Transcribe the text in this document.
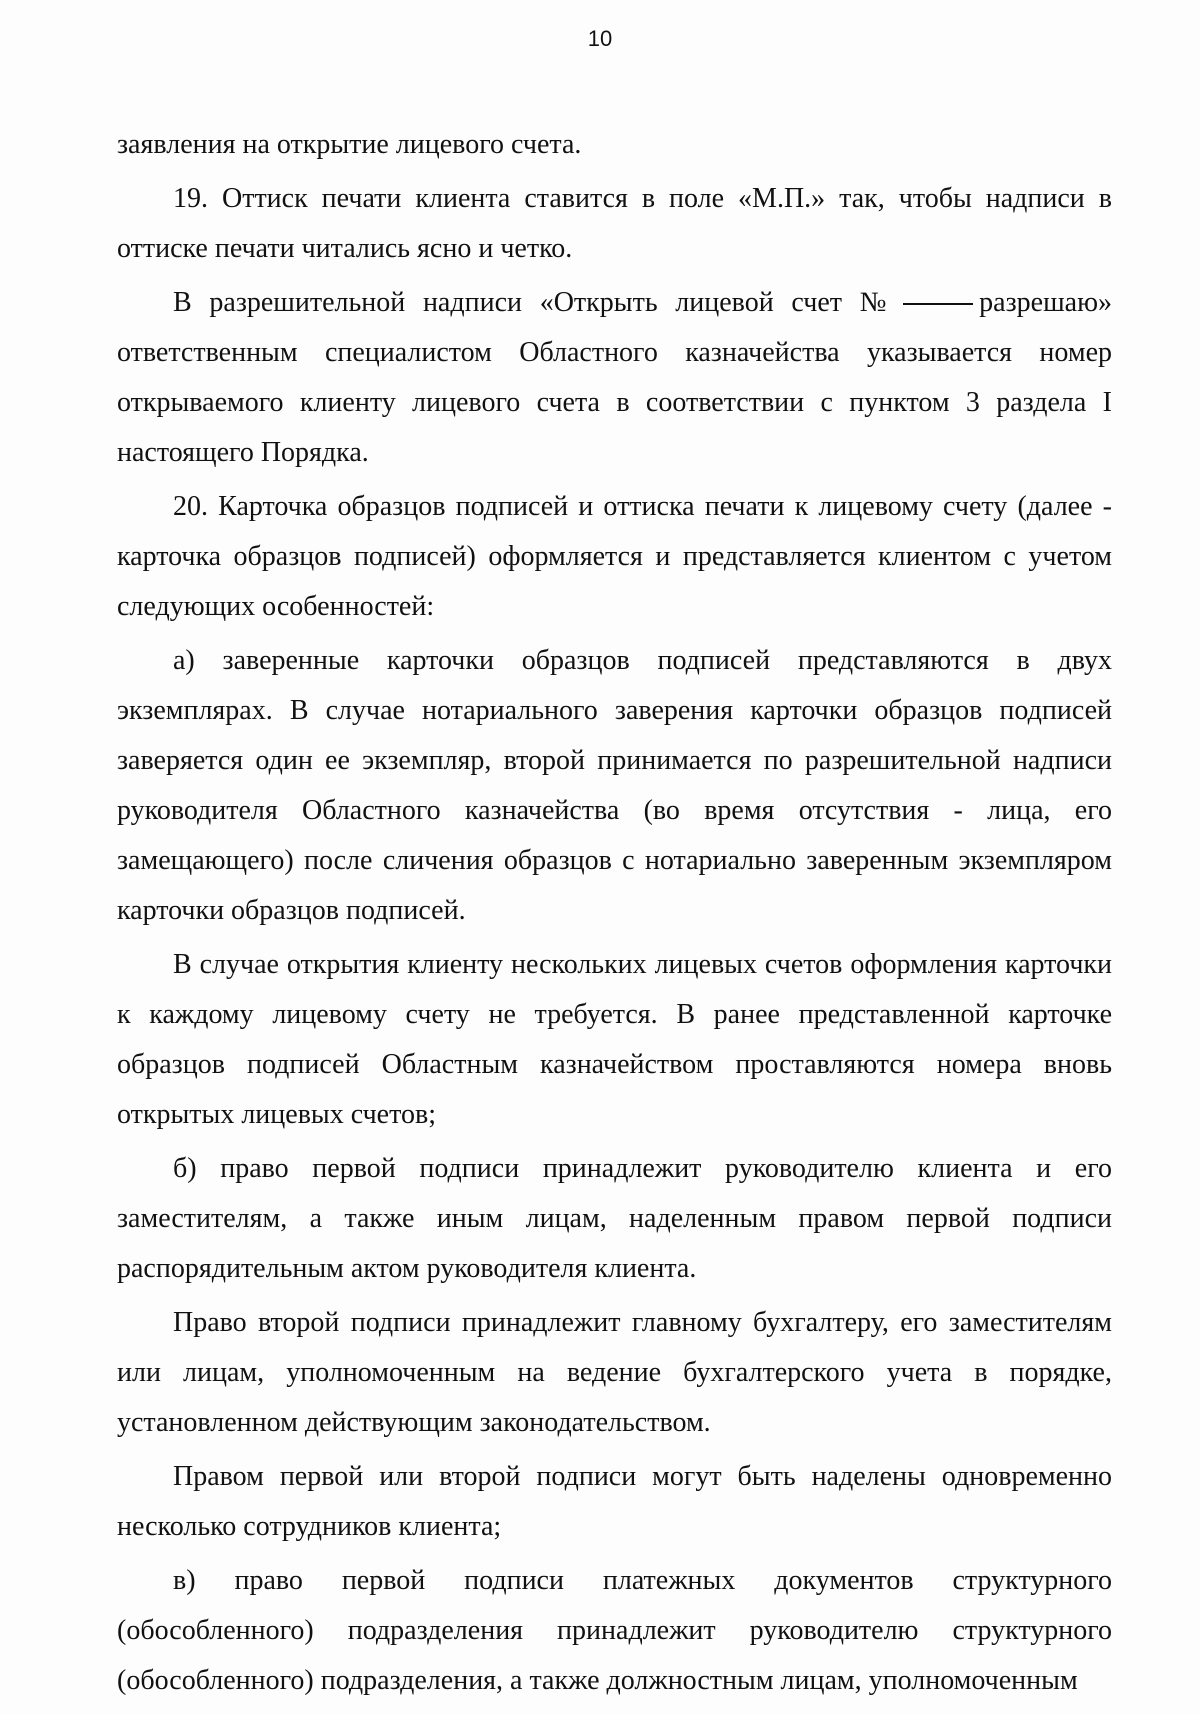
10

заявления на открытие лицевого счета.

19. Оттиск печати клиента ставится в поле «М.П.» так, чтобы надписи в оттиске печати читались ясно и четко.

В разрешительной надписи «Открыть лицевой счет №	разрешаю» ответственным специалистом Областного казначейства указывается номер открываемого клиенту лицевого счета в соответствии с пунктом 3 раздела I настоящего Порядка.

20. Карточка образцов подписей и оттиска печати к лицевому счету (далее - карточка образцов подписей) оформляется и представляется клиентом с учетом следующих особенностей:

а) заверенные карточки образцов подписей представляются в двух экземплярах. В случае нотариального заверения карточки образцов подписей заверяется один ее экземпляр, второй принимается по разрешительной надписи руководителя Областного казначейства (во время отсутствия - лица, его замещающего) после сличения образцов с нотариально заверенным экземпляром карточки образцов подписей.

В случае открытия клиенту нескольких лицевых счетов оформления карточки к каждому лицевому счету не требуется. В ранее представленной карточке образцов подписей Областным казначейством проставляются номера вновь открытых лицевых счетов;

б) право первой подписи принадлежит руководителю клиента и его заместителям, а также иным лицам, наделенным правом первой подписи распорядительным актом руководителя клиента.

Право второй подписи принадлежит главному бухгалтеру, его заместителям или лицам, уполномоченным на ведение бухгалтерского учета в порядке, установленном действующим законодательством.

Правом первой или второй подписи могут быть наделены одновременно несколько сотрудников клиента;

в) право первой подписи платежных документов структурного (обособленного) подразделения принадлежит руководителю структурного (обособленного) подразделения, а также должностным лицам, уполномоченным
